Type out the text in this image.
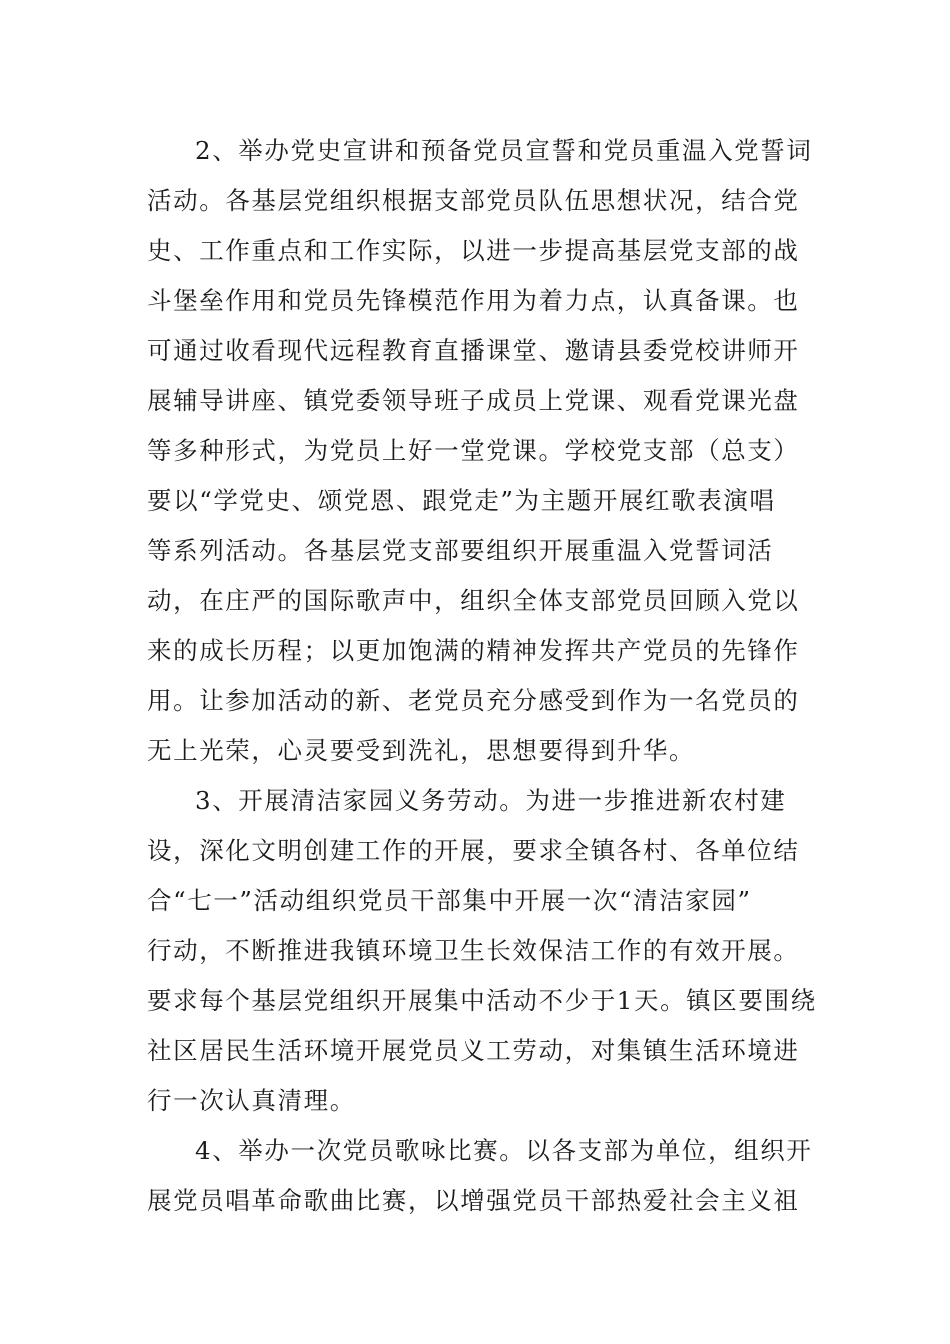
2、举办党史宣讲和预备党员宣誓和党员重温入党誓词
活动。各基层党组织根据支部党员队伍思想状况，结合党
史、工作重点和工作实际，以进一步提高基层党支部的战
斗堡垒作用和党员先锋模范作用为着力点，认真备课。也
可通过收看现代远程教育直播课堂、邀请县委党校讲师开
展辅导讲座、镇党委领导班子成员上党课、观看党课光盘
等多种形式，为党员上好一堂党课。学校党支部（总支）
要以“学党史、颂党恩、跟党走”为主题开展红歌表演唱
等系列活动。各基层党支部要组织开展重温入党誓词活
动，在庄严的国际歌声中，组织全体支部党员回顾入党以
来的成长历程；以更加饱满的精神发挥共产党员的先锋作
用。让参加活动的新、老党员充分感受到作为一名党员的
无上光荣，心灵要受到洗礼，思想要得到升华。
3、开展清洁家园义务劳动。为进一步推进新农村建
设，深化文明创建工作的开展，要求全镇各村、各单位结
合“七一”活动组织党员干部集中开展一次“清洁家园”
行动，不断推进我镇环境卫生长效保洁工作的有效开展。
要求每个基层党组织开展集中活动不少于1天。镇区要围绕
社区居民生活环境开展党员义工劳动，对集镇生活环境进
行一次认真清理。
4、举办一次党员歌咏比赛。以各支部为单位，组织开
展党员唱革命歌曲比赛，以增强党员干部热爱社会主义祖
